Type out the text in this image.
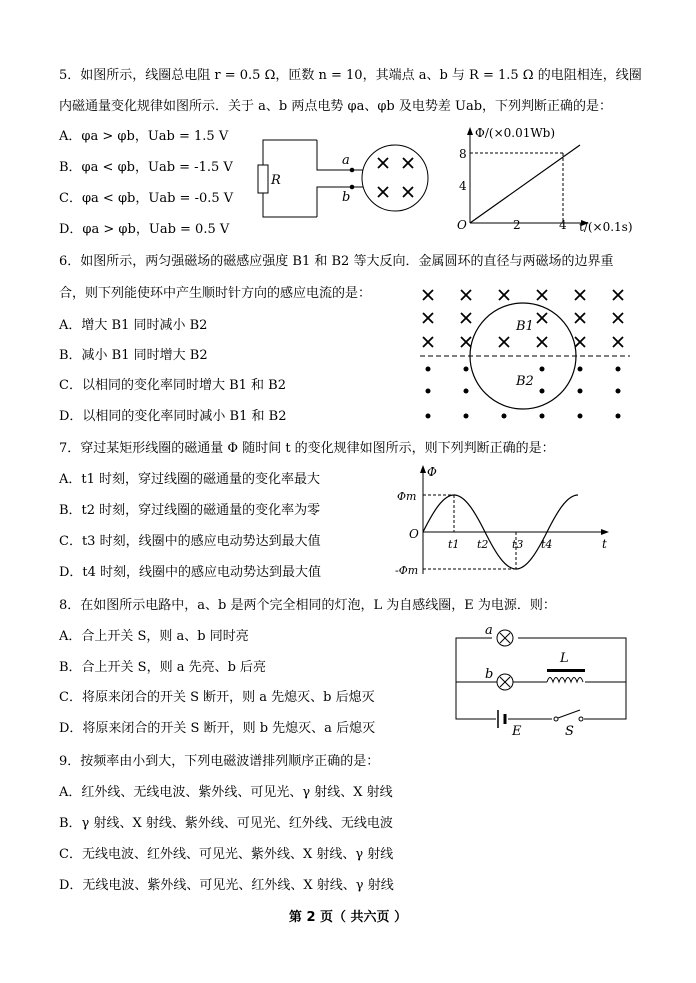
5．如图所示，线圈总电阻 r = 0.5 Ω，匝数 n = 10，其端点 a、b 与 R = 1.5 Ω 的电阻相连，线圈
内磁通量变化规律如图所示．关于 a、b 两点电势 φa、φb 及电势差 Uab，下列判断正确的是：
A．φa > φb，Uab = 1.5 V
B．φa < φb，Uab = -1.5 V
C．φa < φb，Uab = -0.5 V
D．φa > φb，Uab = 0.5 V
R
a
b
Φ/(×0.01Wb)
t/(×0.1s)
O
8
4
2	4
6．如图所示，两匀强磁场的磁感应强度 B1 和 B2 等大反向．金属圆环的直径与两磁场的边界重
合，则下列能使环中产生顺时针方向的感应电流的是：
A．增大 B1 同时减小 B2
B．减小 B1 同时增大 B2
C．以相同的变化率同时增大 B1 和 B2
D．以相同的变化率同时减小 B1 和 B2
B1
B2
7．穿过某矩形线圈的磁通量 Φ 随时间 t 的变化规律如图所示，则下列判断正确的是：
A．t1 时刻，穿过线圈的磁通量的变化率最大
B．t2 时刻，穿过线圈的磁通量的变化率为零
C．t3 时刻，线圈中的感应电动势达到最大值
D．t4 时刻，线圈中的感应电动势达到最大值
Φ
t
O
Φm
-Φm
t1 t2 t3 t4
8．在如图所示电路中，a、b 是两个完全相同的灯泡，L 为自感线圈，E 为电源．则：
A．合上开关 S，则 a、b 同时亮
B．合上开关 S，则 a 先亮、b 后亮
C．将原来闭合的开关 S 断开，则 a 先熄灭、b 后熄灭
D．将原来闭合的开关 S 断开，则 b 先熄灭、a 后熄灭
a
b
L
E	S
9．按频率由小到大，下列电磁波谱排列顺序正确的是：
A．红外线、无线电波、紫外线、可见光、γ 射线、X 射线
B．γ 射线、X 射线、紫外线、可见光、红外线、无线电波
C．无线电波、红外线、可见光、紫外线、X 射线、γ 射线
D．无线电波、紫外线、可见光、红外线、X 射线、γ 射线
第 2 页（ 共六页 ）
